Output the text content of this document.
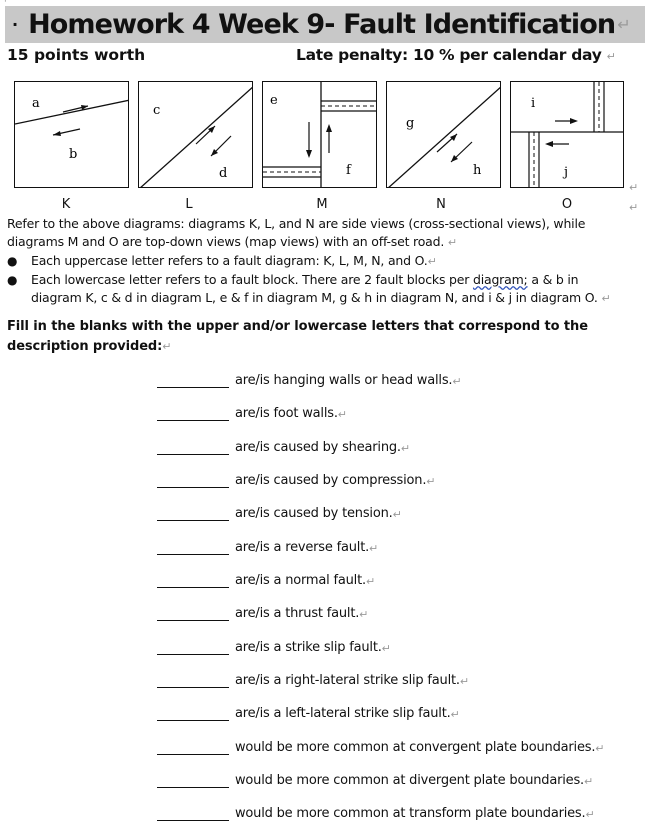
⌐
· Homework 4 Week 9- Fault Identification ↵
15 points worth	Late penalty: 10 % per calendar day ↵
a
b
K
c
d
L
e
f
M
g
h
N
i
j
O
↵
↵

Refer to the above diagrams: diagrams K, L, and N are side views (cross-sectional views), while

diagrams M and O are top-down views (map views) with an off-set road. ↵

● Each uppercase letter refers to a fault diagram: K, L, M, N, and O.↵
● Each lowercase letter refers to a fault block. There are 2 fault blocks per diagram; a & b in
diagram K, c & d in diagram L, e & f in diagram M, g & h in diagram N, and i & j in diagram O. ↵

Fill in the blanks with the upper and/or lowercase letters that correspond to the description provided:↵

are/is hanging walls or head walls. ↵
are/is foot walls. ↵
are/is caused by shearing. ↵
are/is caused by compression. ↵
are/is caused by tension. ↵
are/is a reverse fault. ↵
are/is a normal fault. ↵
are/is a thrust fault. ↵
are/is a strike slip fault. ↵
are/is a right-lateral strike slip fault. ↵
are/is a left-lateral strike slip fault. ↵
would be more common at convergent plate boundaries. ↵
would be more common at divergent plate boundaries. ↵
would be more common at transform plate boundaries. ↵
